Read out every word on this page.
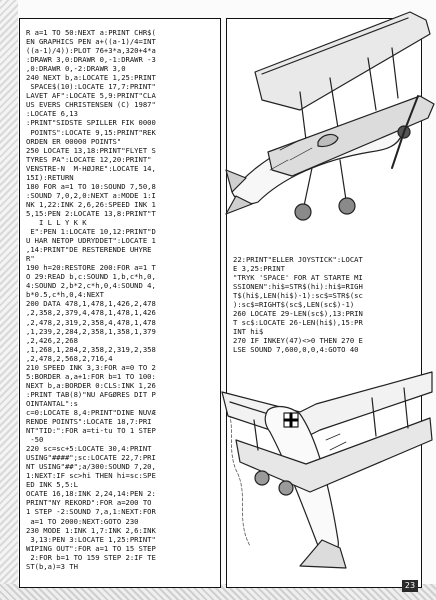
R a=1 TO 50:NEXT a:PRINT CHR$(
EN GRAPHICS PEN a+((a-1)/4=INT
((a-1)/4)):PLOT 76+3*a,320+4*a
:DRAWR 3,0:DRAWR 0,-1:DRAWR -3
,0:DRAWR 0,-2:DRAWR 3,0
240 NEXT b,a:LOCATE 1,25:PRINT
SPACE$(10):LOCATE 17,7:PRINT"
LAVET AF":LOCATE 5,9:PRINT"CLA
US EVERS CHRISTENSEN (C) 1987"
:LOCATE 6,13
:PRINT"SIDSTE SPILLER FIK 0000
POINTS":LOCATE 9,15:PRINT"REK
ORDEN ER 00000 POINTS"
250 LOCATE 13,18:PRINT"FLYET S
TYRES PA":LOCATE 12,20:PRINT"
VENSTRE-N  M-HØJRE":LOCATE 14,
15I):RETURN
180 FOR a=1 TO 10:SOUND 7,50,8
:SOUND 7,0,2,0:NEXT a:MODE 1:I
NK 1,22:INK 2,6,26:SPEED INK 1
5,15:PEN 2:LOCATE 13,8:PRINT"T
I L L Y K K
E":PEN 1:LOCATE 10,12:PRINT"D
U HAR NETOP UDRYDDET":LOCATE 1
,14:PRINT"DE RESTERENDE UHYRE
R"
190 h=20:RESTORE 200:FOR a=1 T
O 29:READ b,c:SOUND 1,b,c*h,0,
4:SOUND 2,b*2,c*h,0,4:SOUND 4,
b*0.5,c*h,0,4:NEXT
200 DATA 478,1,478,1,426,2,478
,2,358,2,379,4,478,1,478,1,426
,2,478,2,319,2,358,4,478,1,478
,1,239,2,284,2,358,1,358,1,379
,2,426,2,268
,1,268,1,284,2,358,2,319,2,358
,2,478,2,568,2,716,4
210 SPEED INK 3,3:FOR a=0 TO 2
5:BORDER a,a+1:FOR b=1 TO 100:
NEXT b,a:BORDER 0:CLS:INK 1,26
:PRINT TAB(8)"NU AFGØRES DIT P
OINTANTAL":s
c=0:LOCATE 8,4:PRINT"DINE NUVÆ
RENDE POINTS":LOCATE 18,7:PRI
NT"TID:":FOR a=ti-tu TO 1 STEP
-50
220 sc=sc+5:LOCATE 30,4:PRINT
USING"####";sc:LOCATE 22,7:PRI
NT USING"##";a/300:SOUND 7,20,
1:NEXT:IF sc>hi THEN hi=sc:SPE
ED INK 5,5:L
OCATE 16,18:INK 2,24,14:PEN 2:
PRINT"NY REKORD":FOR a=200 TO
1 STEP -2:SOUND 7,a,1:NEXT:FOR
a=1 TO 2000:NEXT:GOTO 230
230 MODE 1:INK 1,7:INK 2,6:INK
3,13:PEN 3:LOCATE 1,25:PRINT"
WIPING OUT":FOR a=1 TO 15 STEP
2:FOR b=1 TO 159 STEP 2:IF TE
ST(b,a)=3 TH
22:PRINT"ELLER JOYSTICK":LOCAT
E 3,25:PRINT
"TRYK 'SPACE' FOR AT STARTE MI
SSIONEN":hi$=STR$(hi):hi$=RIGH
T$(hi$,LEN(hi$)-1):sc$=STR$(sc
):sc$=RIGHT$(sc$,LEN(sc$)-1)
260 LOCATE 29-LEN(sc$),13:PRIN
T sc$:LOCATE 26-LEN(hi$),15:PR
INT hi$
270 IF INKEY(47)<>0 THEN 270 E
LSE SOUND 7,600,0,0,4:GOTO 40
23
